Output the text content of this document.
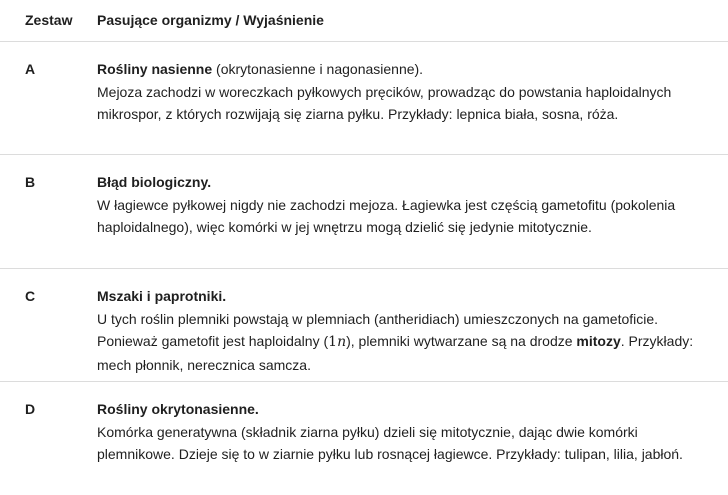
Zestaw	Pasujące organizmy / Wyjaśnienie
A	Rośliny nasienne (okrytonasienne i nagonasienne).
Mejoza zachodzi w woreczkach pyłkowych pręcików, prowadząc do powstania haploidalnych mikrospor, z których rozwijają się ziarna pyłku. Przykłady: lepnica biała, sosna, róża.
B	Błąd biologiczny.
W łagiewce pyłkowej nigdy nie zachodzi mejoza. Łagiewka jest częścią gametofitu (pokolenia haploidalnego), więc komórki w jej wnętrzu mogą dzielić się jedynie mitotycznie.
C	Mszaki i paprotniki.
U tych roślin plemniki powstają w plemniach (antheridiach) umieszczonych na gametoficie. Ponieważ gametofit jest haploidalny (1n), plemniki wytwarzane są na drodze mitozy. Przykłady: mech płonnik, nerecznica samcza.
D	Rośliny okrytonasienne.
Komórka generatywna (składnik ziarna pyłku) dzieli się mitotycznie, dając dwie komórki plemnikowe. Dzieje się to w ziarnie pyłku lub rosnącej łagiewce. Przykłady: tulipan, lilia, jabłoń.
